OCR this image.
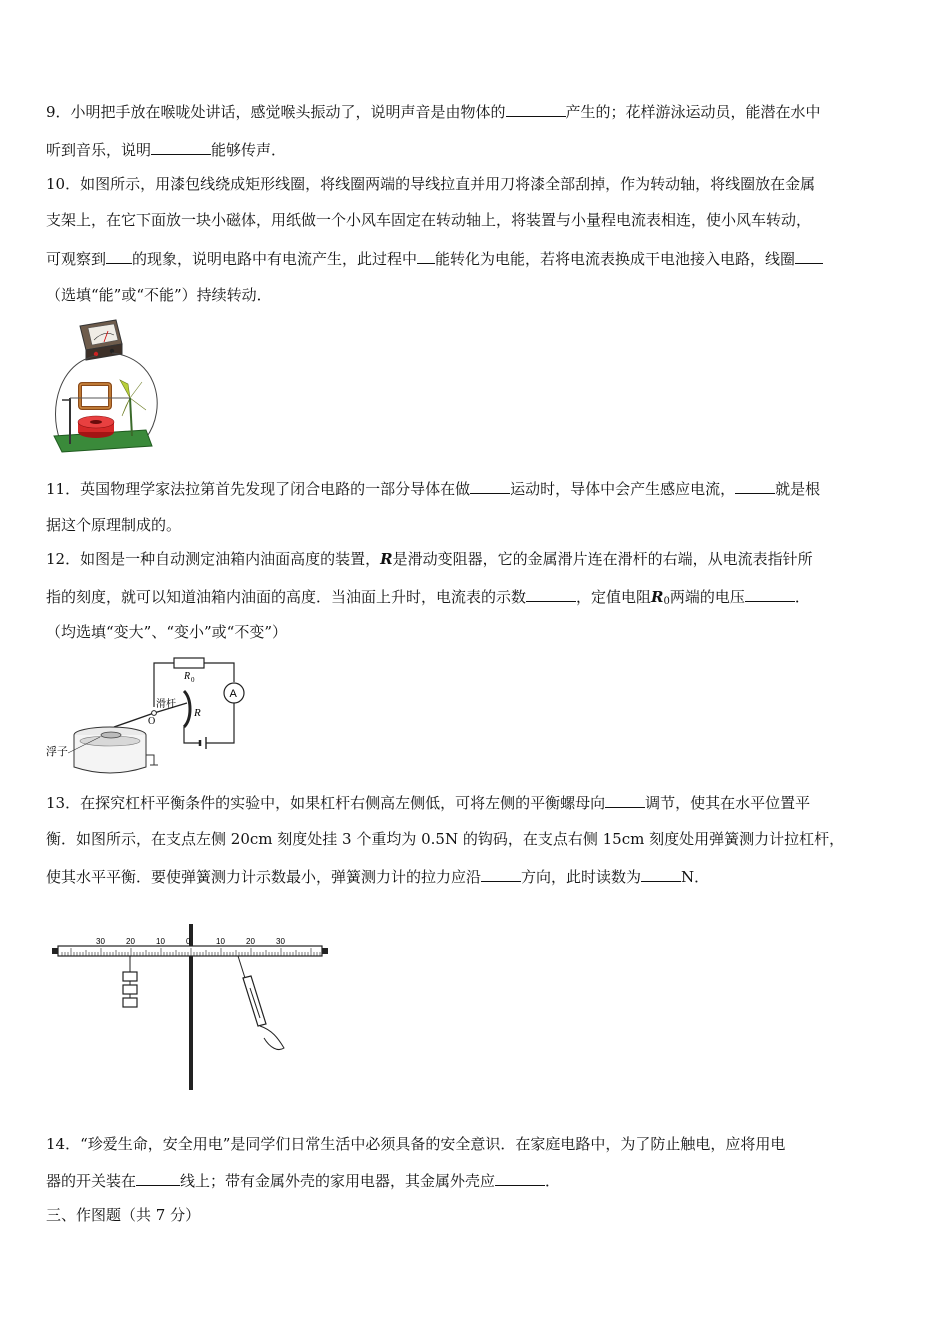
9．小明把手放在喉咙处讲话，感觉喉头振动了，说明声音是由物体的	产生的；花样游泳运动员，能潜在水中
听到音乐，说明	能够传声．
10．如图所示，用漆包线绕成矩形线圈，将线圈两端的导线拉直并用刀将漆全部刮掉，作为转动轴，将线圈放在金属
支架上，在它下面放一块小磁体，用纸做一个小风车固定在转动轴上，将装置与小量程电流表相连，使小风车转动，
可观察到 的现象，说明电路中有电流产生，此过程中 能转化为电能，若将电流表换成干电池接入电路，线圈
（选填“能”或“不能”）持续转动．
11．英国物理学家法拉第首先发现了闭合电路的一部分导体在做	运动时，导体中会产生感应电流，	就是根
据这个原理制成的。
12．如图是一种自动测定油箱内油面高度的装置，R是滑动变阻器，它的金属滑片连在滑杆的右端，从电流表指针所
指的刻度，就可以知道油箱内油面的高度．当油面上升时，电流表的示数	，定值电阻$R_0$两端的电压	．
（均选填“变大”、“变小”或“不变”）
R 0
A
R
滑杆
O
浮子
13．在探究杠杆平衡条件的实验中，如果杠杆右侧高左侧低，可将左侧的平衡螺母向	调节，使其在水平位置平
衡．如图所示，在支点左侧 20cm 刻度处挂 3 个重均为 0.5N 的钩码，在支点右侧 15cm 刻度处用弹簧测力计拉杠杆，
使其水平平衡．要使弹簧测力计示数最小，弹簧测力计的拉力应沿	方向，此时读数为	N．
30	20	10	0	10	20	30
14．“珍爱生命，安全用电”是同学们日常生活中必须具备的安全意识．在家庭电路中，为了防止触电，应将用电
器的开关装在	线上；带有金属外壳的家用电器，其金属外壳应	．
三、作图题（共 7 分）
